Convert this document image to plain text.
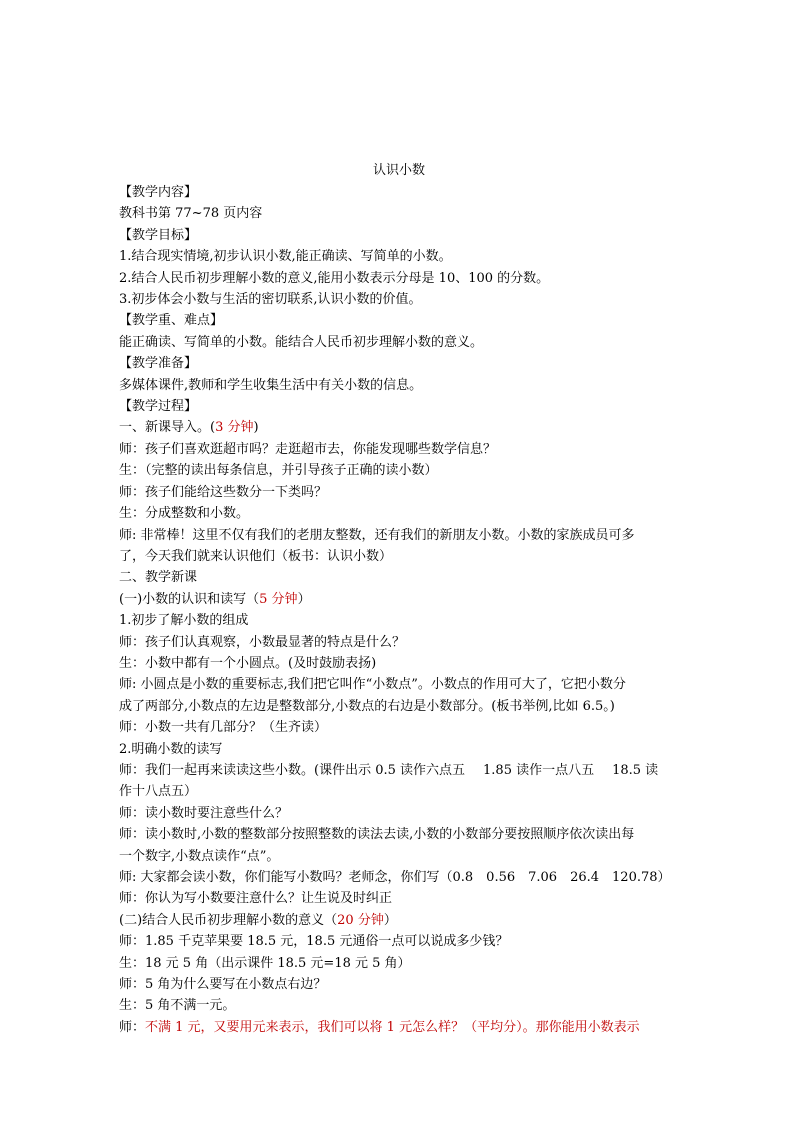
认识小数
【教学内容】
教科书第 77~78 页内容
【教学目标】
1.结合现实情境,初步认识小数,能正确读、写简单的小数。
2.结合人民币初步理解小数的意义,能用小数表示分母是 10、100 的分数。
3.初步体会小数与生活的密切联系,认识小数的价值。
【教学重、难点】
能正确读、写简单的小数。能结合人民币初步理解小数的意义。
【教学准备】
多媒体课件,教师和学生收集生活中有关小数的信息。
【教学过程】
一、新课导入。(3 分钟)
师：孩子们喜欢逛超市吗？走逛超市去，你能发现哪些数学信息？
生：（完整的读出每条信息，并引导孩子正确的读小数）
师：孩子们能给这些数分一下类吗？
生：分成整数和小数。
师: 非常棒！这里不仅有我们的老朋友整数，还有我们的新朋友小数。小数的家族成员可多
了，今天我们就来认识他们（板书：认识小数）
二、教学新课
(一)小数的认识和读写（5 分钟）
1.初步了解小数的组成
师：孩子们认真观察，小数最显著的特点是什么？
生：小数中都有一个小圆点。(及时鼓励表扬)
师: 小圆点是小数的重要标志,我们把它叫作“小数点”。小数点的作用可大了，它把小数分
成了两部分,小数点的左边是整数部分,小数点的右边是小数部分。(板书举例,比如 6.5。)
师：小数一共有几部分？（生齐读）
2.明确小数的读写
师：我们一起再来读读这些小数。(课件出示 0.5 读作六点五 1.85 读作一点八五 18.5 读
作十八点五）
师：读小数时要注意些什么？
师：读小数时,小数的整数部分按照整数的读法去读,小数的小数部分要按照顺序依次读出每
一个数字,小数点读作“点”。
师: 大家都会读小数，你们能写小数吗？老师念，你们写（0.8　0.56　7.06　26.4　120.78）
师：你认为写小数要注意什么？让生说及时纠正
(二)结合人民币初步理解小数的意义（20 分钟）
师：1.85 千克苹果要 18.5 元，18.5 元通俗一点可以说成多少钱？
生：18 元 5 角（出示课件 18.5 元=18 元 5 角）
师：5 角为什么要写在小数点右边？
生：5 角不满一元。
师：不满 1 元，又要用元来表示，我们可以将 1 元怎么样？（平均分）。那你能用小数表示
